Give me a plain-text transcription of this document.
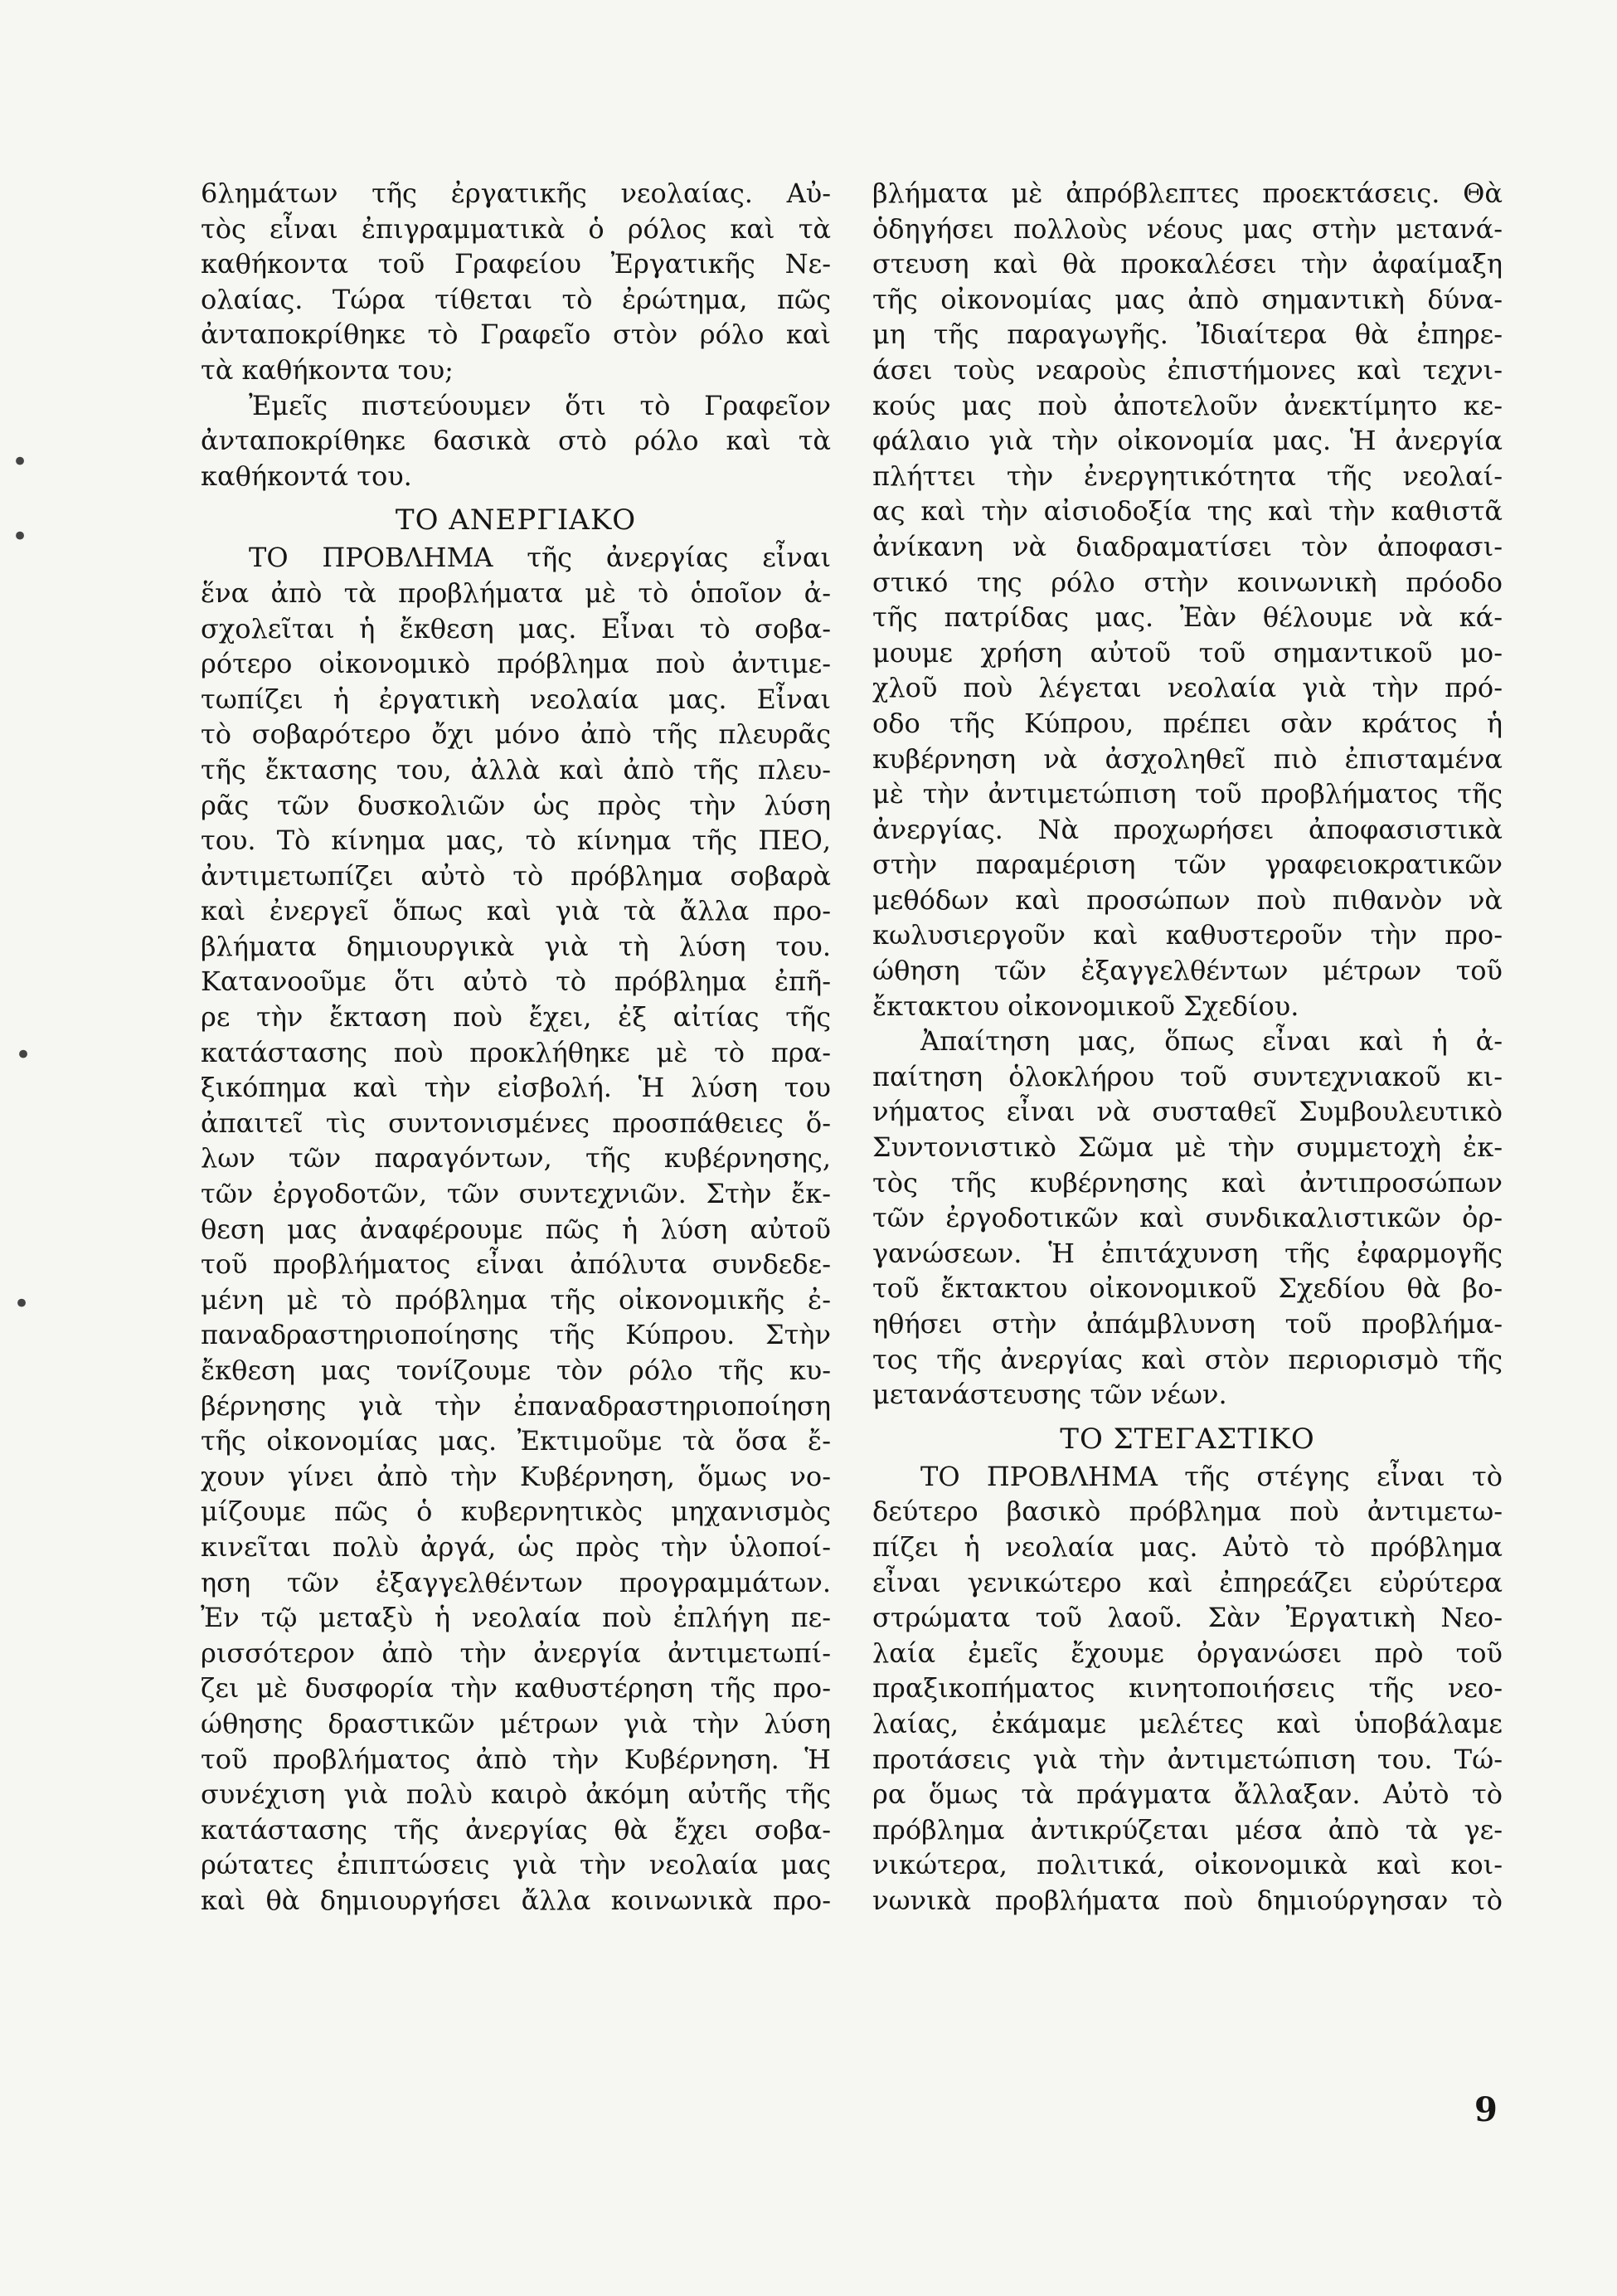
6λημάτων τῆς ἐργατικῆς νεολαίας. Αὐ-
τὸς εἶναι ἐπιγραμματικὰ ὁ ρόλος καὶ τὰ
καθήκοντα τοῦ Γραφείου Ἐργατικῆς Νε-
ολαίας. Τώρα τίθεται τὸ ἐρώτημα, πῶς
ἀνταποκρίθηκε τὸ Γραφεῖο στὸν ρόλο καὶ
τὰ καθήκοντα του;
Ἐμεῖς πιστεύουμεν ὅτι τὸ Γραφεῖον
ἀνταποκρίθηκε 6ασικὰ στὸ ρόλο καὶ τὰ
καθήκοντά του.
ΤΟ ΑΝΕΡΓΙΑΚΟ
ΤΟ ΠΡΟΒΛΗΜΑ τῆς ἀνεργίας εἶναι
ἕνα ἀπὸ τὰ προβλήματα μὲ τὸ ὁποῖον ἀ-
σχολεῖται ἡ ἔκθεση μας. Εἶναι τὸ σοβα-
ρότερο οἰκονομικὸ πρόβλημα ποὺ ἀντιμε-
τωπίζει ἡ ἐργατικὴ νεολαία μας. Εἶναι
τὸ σοβαρότερο ὄχι μόνο ἀπὸ τῆς πλευρᾶς
τῆς ἔκτασης του, ἀλλὰ καὶ ἀπὸ τῆς πλευ-
ρᾶς τῶν δυσκολιῶν ὡς πρὸς τὴν λύση
του. Τὸ κίνημα μας, τὸ κίνημα τῆς ΠΕΟ,
ἀντιμετωπίζει αὐτὸ τὸ πρόβλημα σοβαρὰ
καὶ ἐνεργεῖ ὅπως καὶ γιὰ τὰ ἄλλα προ-
βλήματα δημιουργικὰ γιὰ τὴ λύση του.
Κατανοοῦμε ὅτι αὐτὸ τὸ πρόβλημα ἐπῆ-
ρε τὴν ἔκταση ποὺ ἔχει, ἐξ αἰτίας τῆς
κατάστασης ποὺ προκλήθηκε μὲ τὸ πρα-
ξικόπημα καὶ τὴν εἰσβολή. Ἡ λύση του
ἀπαιτεῖ τὶς συντονισμένες προσπάθειες ὅ-
λων τῶν παραγόντων, τῆς κυβέρνησης,
τῶν ἐργοδοτῶν, τῶν συντεχνιῶν. Στὴν ἔκ-
θεση μας ἀναφέρουμε πῶς ἡ λύση αὐτοῦ
τοῦ προβλήματος εἶναι ἀπόλυτα συνδεδε-
μένη μὲ τὸ πρόβλημα τῆς οἰκονομικῆς ἐ-
παναδραστηριοποίησης τῆς Κύπρου. Στὴν
ἔκθεση μας τονίζουμε τὸν ρόλο τῆς κυ-
βέρνησης γιὰ τὴν ἐπαναδραστηριοποίηση
τῆς οἰκονομίας μας. Ἐκτιμοῦμε τὰ ὅσα ἔ-
χουν γίνει ἀπὸ τὴν Κυβέρνηση, ὅμως νο-
μίζουμε πῶς ὁ κυβερνητικὸς μηχανισμὸς
κινεῖται πολὺ ἀργά, ὡς πρὸς τὴν ὑλοποί-
ηση τῶν ἐξαγγελθέντων προγραμμάτων.
Ἐν τῷ μεταξὺ ἡ νεολαία ποὺ ἐπλήγη πε-
ρισσότερον ἀπὸ τὴν ἀνεργία ἀντιμετωπί-
ζει μὲ δυσφορία τὴν καθυστέρηση τῆς προ-
ώθησης δραστικῶν μέτρων γιὰ τὴν λύση
τοῦ προβλήματος ἀπὸ τὴν Κυβέρνηση. Ἡ
συνέχιση γιὰ πολὺ καιρὸ ἀκόμη αὐτῆς τῆς
κατάστασης τῆς ἀνεργίας θὰ ἔχει σοβα-
ρώτατες ἐπιπτώσεις γιὰ τὴν νεολαία μας
καὶ θὰ δημιουργήσει ἄλλα κοινωνικὰ προ-
βλήματα μὲ ἀπρόβλεπτες προεκτάσεις. Θὰ
ὁδηγήσει πολλοὺς νέους μας στὴν μετανά-
στευση καὶ θὰ προκαλέσει τὴν ἀφαίμαξη
τῆς οἰκονομίας μας ἀπὸ σημαντικὴ δύνα-
μη τῆς παραγωγῆς. Ἰδιαίτερα θὰ ἐπηρε-
άσει τοὺς νεαροὺς ἐπιστήμονες καὶ τεχνι-
κούς μας ποὺ ἀποτελοῦν ἀνεκτίμητο κε-
φάλαιο γιὰ τὴν οἰκονομία μας. Ἡ ἀνεργία
πλήττει τὴν ἐνεργητικότητα τῆς νεολαί-
ας καὶ τὴν αἰσιοδοξία της καὶ τὴν καθιστᾶ
ἀνίκανη νὰ διαδραματίσει τὸν ἀποφασι-
στικό της ρόλο στὴν κοινωνικὴ πρόοδο
τῆς πατρίδας μας. Ἐὰν θέλουμε νὰ κά-
μουμε χρήση αὐτοῦ τοῦ σημαντικοῦ μο-
χλοῦ ποὺ λέγεται νεολαία γιὰ τὴν πρό-
οδο τῆς Κύπρου, πρέπει σὰν κράτος ἡ
κυβέρνηση νὰ ἀσχοληθεῖ πιὸ ἐπισταμένα
μὲ τὴν ἀντιμετώπιση τοῦ προβλήματος τῆς
ἀνεργίας. Νὰ προχωρήσει ἀποφασιστικὰ
στὴν παραμέριση τῶν γραφειοκρατικῶν
μεθόδων καὶ προσώπων ποὺ πιθανὸν νὰ
κωλυσιεργοῦν καὶ καθυστεροῦν τὴν προ-
ώθηση τῶν ἐξαγγελθέντων μέτρων τοῦ
ἔκτακτου οἰκονομικοῦ Σχεδίου.
Ἀπαίτηση μας, ὅπως εἶναι καὶ ἡ ἀ-
παίτηση ὁλοκλήρου τοῦ συντεχνιακοῦ κι-
νήματος εἶναι νὰ συσταθεῖ Συμβουλευτικὸ
Συντονιστικὸ Σῶμα μὲ τὴν συμμετοχὴ ἐκ-
τὸς τῆς κυβέρνησης καὶ ἀντιπροσώπων
τῶν ἐργοδοτικῶν καὶ συνδικαλιστικῶν ὀρ-
γανώσεων. Ἡ ἐπιτάχυνση τῆς ἐφαρμογῆς
τοῦ ἔκτακτου οἰκονομικοῦ Σχεδίου θὰ βο-
ηθήσει στὴν ἀπάμβλυνση τοῦ προβλήμα-
τος τῆς ἀνεργίας καὶ στὸν περιορισμὸ τῆς
μετανάστευσης τῶν νέων.
ΤΟ ΣΤΕΓΑΣΤΙΚΟ
ΤΟ ΠΡΟΒΛΗΜΑ τῆς στέγης εἶναι τὸ
δεύτερο βασικὸ πρόβλημα ποὺ ἀντιμετω-
πίζει ἡ νεολαία μας. Αὐτὸ τὸ πρόβλημα
εἶναι γενικώτερο καὶ ἐπηρεάζει εὐρύτερα
στρώματα τοῦ λαοῦ. Σὰν Ἐργατικὴ Νεο-
λαία ἐμεῖς ἔχουμε ὀργανώσει πρὸ τοῦ
πραξικοπήματος κινητοποιήσεις τῆς νεο-
λαίας, ἐκάμαμε μελέτες καὶ ὑποβάλαμε
προτάσεις γιὰ τὴν ἀντιμετώπιση του. Τώ-
ρα ὅμως τὰ πράγματα ἄλλαξαν. Αὐτὸ τὸ
πρόβλημα ἀντικρύζεται μέσα ἀπὸ τὰ γε-
νικώτερα, πολιτικά, οἰκονομικὰ καὶ κοι-
νωνικὰ προβλήματα ποὺ δημιούργησαν τὸ
9
•
•
•
•
